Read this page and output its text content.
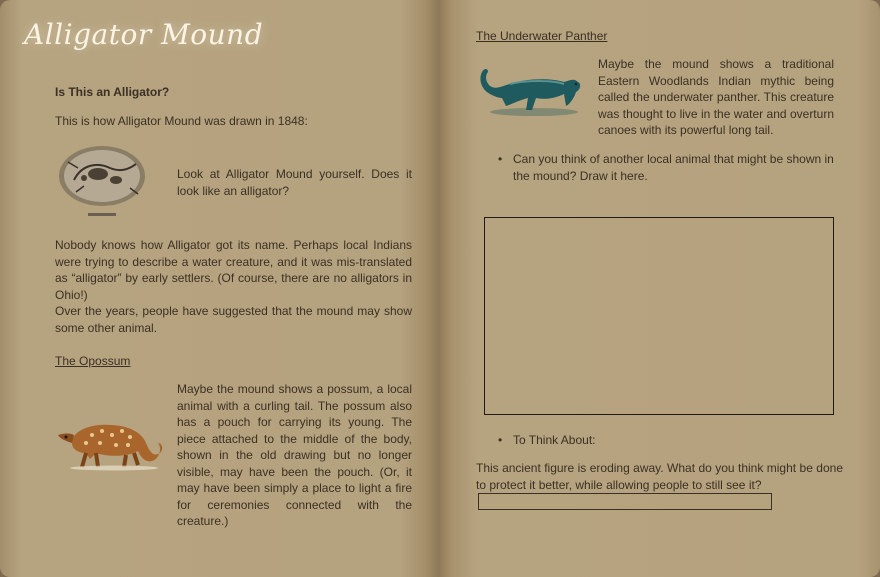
Alligator Mound

Is This an Alligator?

This is how Alligator Mound was drawn in 1848:

Look at Alligator Mound yourself. Does it look like an alligator?

Nobody knows how Alligator got its name. Perhaps local Indians were trying to describe a water creature, and it was mis-translated as “alligator” by early settlers. (Of course, there are no alligators in Ohio!)

Over the years, people have suggested that the mound may show some other animal.

The Opossum

Maybe the mound shows a possum, a local animal with a curling tail. The possum also has a pouch for carrying its young. The piece attached to the middle of the body, shown in the old drawing but no longer visible, may have been the pouch. (Or, it may have been simply a place to light a fire for ceremonies connected with the creature.)

The Underwater Panther

Maybe the mound shows a traditional Eastern Woodlands Indian mythic being called the underwater panther. This creature was thought to live in the water and overturn canoes with its powerful long tail.

• Can you think of another local animal that might be shown in the mound? Draw it here.

• To Think About:

This ancient figure is eroding away. What do you think might be done to protect it better, while allowing people to still see it?
